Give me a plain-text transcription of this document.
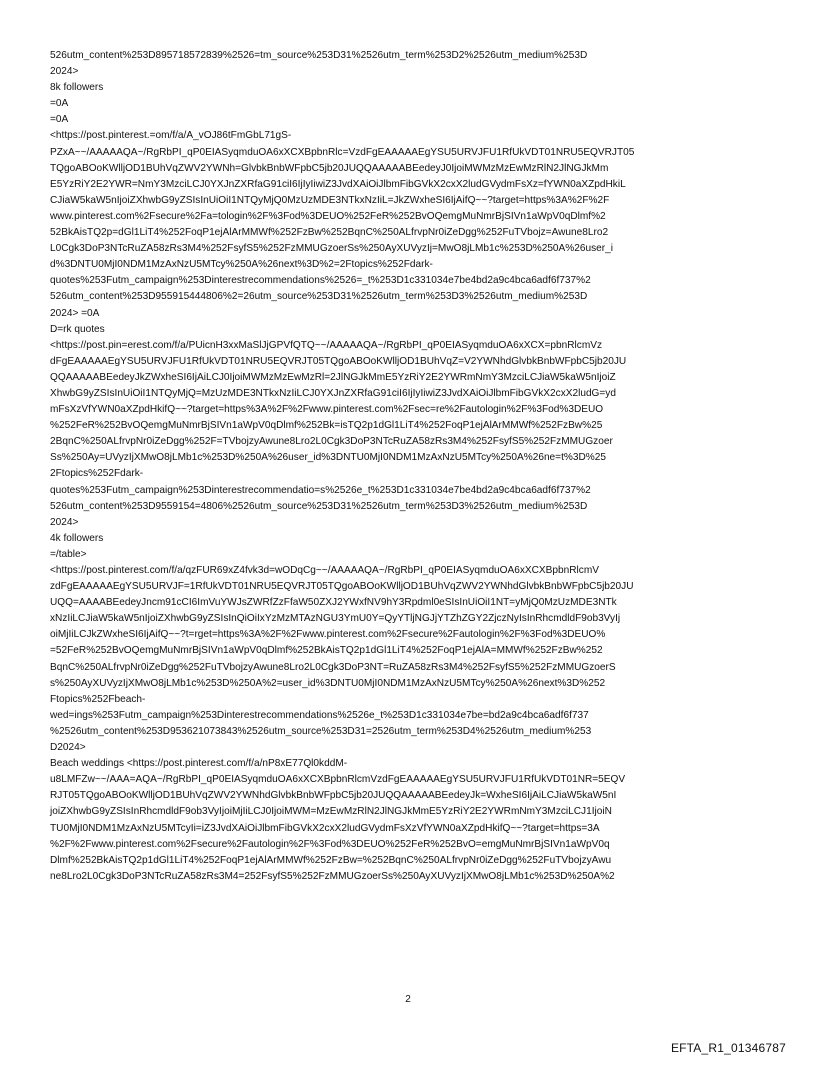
526utm_content%253D895718572839%2526=tm_source%253D31%2526utm_term%253D2%2526utm_medium%253D
2024>
8k followers
=0A
=0A
<https://post.pinterest.=om/f/a/A_vOJ86tFmGbL71gS-
PZxA~~/AAAAAQA~/RgRbPI_qP0EIASyqmduOA6xXCXBpbnRlc=VzdFgEAAAAAEgYSU5URVJFU1RfUkVDT01NRU5EQVRJT05
TQgoABOoKWlljOD1BUhVqZWV2YWNh=GlvbkBnbWFpbC5jb20JUQQAAAAABEedeyJ0IjoiMWMzMzEwMzRlN2JlNGJkMm
E5YzRiY2E2YWR=NmY3MzciLCJ0YXJnZXRfaG91ciI6IjIyIiwiZ3JvdXAiOiJlbmFibGVkX2cxX2ludGVydmFsXz=fYWN0aXZpdHkiL
CJiaW5kaW5nIjoiZXhwbG9yZSIsInUiOiI1NTQyMjQ0MzUzMDE3NTkxNzIiL=JkZWxheSI6IjAifQ~~?target=https%3A%2F%2F
www.pinterest.com%2Fsecure%2Fa=tologin%2F%3Fod%3DEUO%252FeR%252BvOQemgMuNmrBjSIVn1aWpV0qDlmf%2
52BkAisTQ2p=dGl1LiT4%252FoqP1ejAlArMMWf%252FzBw%252BqnC%250ALfrvpNr0iZeDgg%252FuTVbojz=Awune8Lro2
L0Cgk3DoP3NTcRuZA58zRs3M4%252FsyfS5%252FzMMUGzoerSs%250AyXUVyzIj=MwO8jLMb1c%253D%250A%26user_i
d%3DNTU0MjI0NDM1MzAxNzU5MTcy%250A%26next%3D%2=2Ftopics%252Fdark-
quotes%253Futm_campaign%253Dinterestrecommendations%2526=_t%253D1c331034e7be4bd2a9c4bca6adf6f737%2
526utm_content%253D955915444806%2=26utm_source%253D31%2526utm_term%253D3%2526utm_medium%253D
2024> =0A
D=rk quotes
<https://post.pin=erest.com/f/a/PUicnH3xxMaSlJjGPVfQTQ~~/AAAAAQA~/RgRbPI_qP0EIASyqmduOA6xXCX=pbnRlcmVz
dFgEAAAAAEgYSU5URVJFU1RfUkVDT01NRU5EQVRJT05TQgoABOoKWlljOD1BUhVqZ=V2YWNhdGlvbkBnbWFpbC5jb20JU
QQAAAAABEedeyJkZWxheSI6IjAiLCJ0IjoiMWMzMzEwMzRl=2JlNGJkMmE5YzRiY2E2YWRmNmY3MzciLCJiaW5kaW5nIjoiZ
XhwbG9yZSIsInUiOiI1NTQyMjQ=MzUzMDE3NTkxNzIiLCJ0YXJnZXRfaG91ciI6IjIyIiwiZ3JvdXAiOiJlbmFibGVkX2cxX2ludG=yd
mFsXzVfYWN0aXZpdHkifQ~~?target=https%3A%2F%2Fwww.pinterest.com%2Fsec=re%2Fautologin%2F%3Fod%3DEUO
%252FeR%252BvOQemgMuNmrBjSIVn1aWpV0qDlmf%252Bk=isTQ2p1dGl1LiT4%252FoqP1ejAlArMMWf%252FzBw%25
2BqnC%250ALfrvpNr0iZeDgg%252F=TVbojzyAwune8Lro2L0Cgk3DoP3NTcRuZA58zRs3M4%252FsyfS5%252FzMMUGzoer
Ss%250Ay=UVyzIjXMwO8jLMb1c%253D%250A%26user_id%3DNTU0MjI0NDM1MzAxNzU5MTcy%250A%26ne=t%3D%25
2Ftopics%252Fdark-
quotes%253Futm_campaign%253Dinterestrecommendatio=s%2526e_t%253D1c331034e7be4bd2a9c4bca6adf6f737%2
526utm_content%253D9559154=4806%2526utm_source%253D31%2526utm_term%253D3%2526utm_medium%253D
2024>
4k followers
=/table>
<https://post.pinterest.com/f/a/qzFUR69xZ4fvk3d=wODqCg~~/AAAAAQA~/RgRbPI_qP0EIASyqmduOA6xXCXBpbnRlcmV
zdFgEAAAAAEgYSU5URVJF=1RfUkVDT01NRU5EQVRJT05TQgoABOoKWlljOD1BUhVqZWV2YWNhdGlvbkBnbWFpbC5jb20JU
UQQ=AAAABEedeyJncm91cCI6ImVuYWJsZWRfZzFfaW50ZXJ2YWxfNV9hY3Rpdml0eSIsInUiOiI1NT=yMjQ0MzUzMDE3NTk
xNzIiLCJiaW5kaW5nIjoiZXhwbG9yZSIsInQiOiIxYzMzMTAzNGU3YmU0Y=QyYTljNGJjYTZhZGY2ZjczNyIsInRhcmdldF9ob3VyIj
oiMjIiLCJkZWxheSI6IjAifQ~~?t=rget=https%3A%2F%2Fwww.pinterest.com%2Fsecure%2Fautologin%2F%3Fod%3DEUO%
=52FeR%252BvOQemgMuNmrBjSIVn1aWpV0qDlmf%252BkAisTQ2p1dGl1LiT4%252FoqP1ejAlA=MMWf%252FzBw%252
BqnC%250ALfrvpNr0iZeDgg%252FuTVbojzyAwune8Lro2L0Cgk3DoP3NT=RuZA58zRs3M4%252FsyfS5%252FzMMUGzoerS
s%250AyXUVyzIjXMwO8jLMb1c%253D%250A%2=user_id%3DNTU0MjI0NDM1MzAxNzU5MTcy%250A%26next%3D%252
Ftopics%252Fbeach-
wed=ings%253Futm_campaign%253Dinterestrecommendations%2526e_t%253D1c331034e7be=bd2a9c4bca6adf6f737
%2526utm_content%253D953621073843%2526utm_source%253D31=2526utm_term%253D4%2526utm_medium%253
D2024>
Beach weddings <https://post.pinterest.com/f/a/nP8xE77Ql0kddM-
u8LMFZw~~/AAA=AQA~/RgRbPI_qP0EIASyqmduOA6xXCXBpbnRlcmVzdFgEAAAAAEgYSU5URVJFU1RfUkVDT01NR=5EQV
RJT05TQgoABOoKWlljOD1BUhVqZWV2YWNhdGlvbkBnbWFpbC5jb20JUQQAAAAABEedeyJk=WxheSI6IjAiLCJiaW5kaW5nI
joiZXhwbG9yZSIsInRhcmdldF9ob3VyIjoiMjIiLCJ0IjoiMWM=MzEwMzRlN2JlNGJkMmE5YzRiY2E2YWRmNmY3MzciLCJ1IjoiN
TU0MjI0NDM1MzAxNzU5MTcyIi=iZ3JvdXAiOiJlbmFibGVkX2cxX2ludGVydmFsXzVfYWN0aXZpdHkifQ~~?target=https=3A
%2F%2Fwww.pinterest.com%2Fsecure%2Fautologin%2F%3Fod%3DEUO%252FeR%252BvO=emgMuNmrBjSIVn1aWpV0q
Dlmf%252BkAisTQ2p1dGl1LiT4%252FoqP1ejAlArMMWf%252FzBw=%252BqnC%250ALfrvpNr0iZeDgg%252FuTVbojzyAwu
ne8Lro2L0Cgk3DoP3NTcRuZA58zRs3M4=252FsyfS5%252FzMMUGzoerSs%250AyXUVyzIjXMwO8jLMb1c%253D%250A%2
2
EFTA_R1_01346787
